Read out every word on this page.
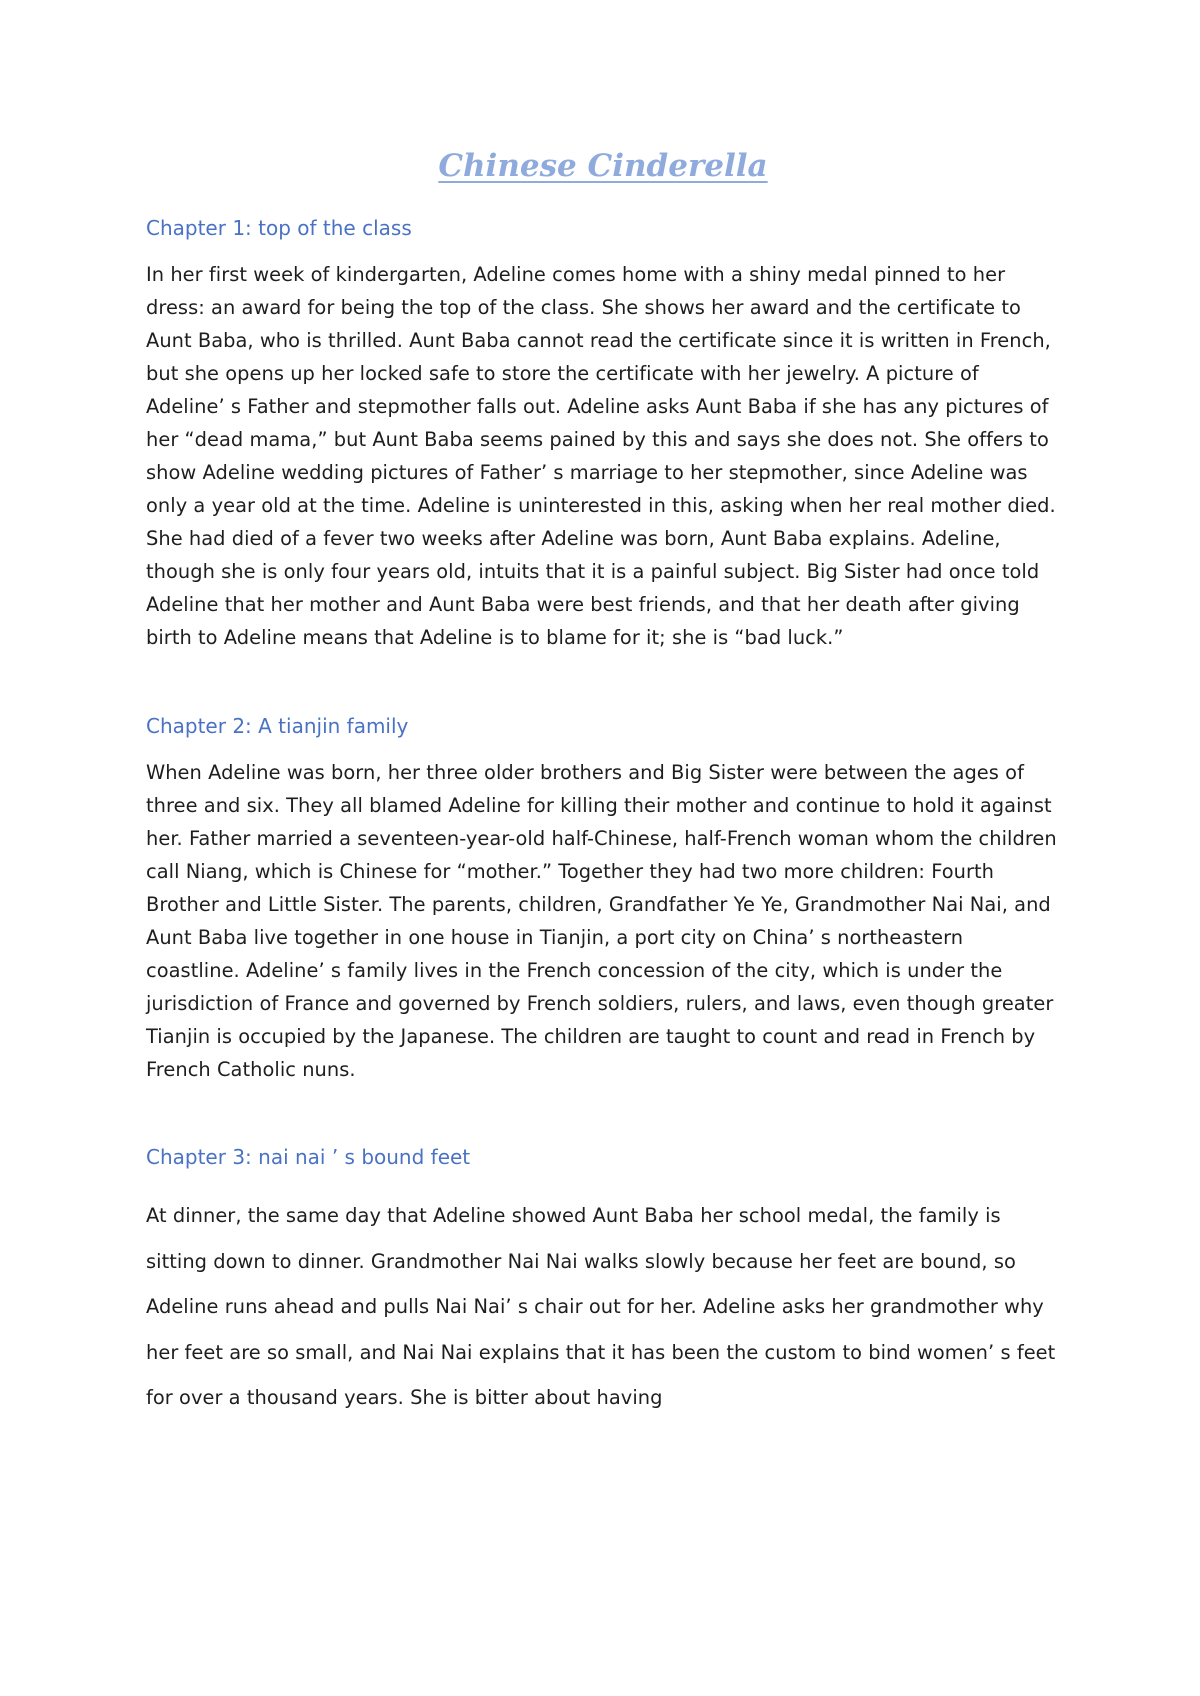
Chinese Cinderella
Chapter 1: top of the class

In her first week of kindergarten, Adeline comes home with a shiny medal pinned to her dress: an award for being the top of the class. She shows her award and the certificate to Aunt Baba, who is thrilled. Aunt Baba cannot read the certificate since it is written in French, but she opens up her locked safe to store the certificate with her jewelry. A picture of Adeline’ s Father and stepmother falls out. Adeline asks Aunt Baba if she has any pictures of her “dead mama,” but Aunt Baba seems pained by this and says she does not. She offers to show Adeline wedding pictures of Father’ s marriage to her stepmother, since Adeline was only a year old at the time. Adeline is uninterested in this, asking when her real mother died. She had died of a fever two weeks after Adeline was born, Aunt Baba explains. Adeline, though she is only four years old, intuits that it is a painful subject. Big Sister had once told Adeline that her mother and Aunt Baba were best friends, and that her death after giving birth to Adeline means that Adeline is to blame for it; she is “bad luck.”

Chapter 2: A tianjin family

When Adeline was born, her three older brothers and Big Sister were between the ages of three and six. They all blamed Adeline for killing their mother and continue to hold it against her. Father married a seventeen-year-old half-Chinese, half-French woman whom the children call Niang, which is Chinese for “mother.” Together they had two more children: Fourth Brother and Little Sister. The parents, children, Grandfather Ye Ye, Grandmother Nai Nai, and Aunt Baba live together in one house in Tianjin, a port city on China’ s northeastern coastline. Adeline’ s family lives in the French concession of the city, which is under the jurisdiction of France and governed by French soldiers, rulers, and laws, even though greater Tianjin is occupied by the Japanese. The children are taught to count and read in French by French Catholic nuns.

Chapter 3: nai nai ’ s bound feet

At dinner, the same day that Adeline showed Aunt Baba her school medal, the family is sitting down to dinner. Grandmother Nai Nai walks slowly because her feet are bound, so Adeline runs ahead and pulls Nai Nai’ s chair out for her. Adeline asks her grandmother why her feet are so small, and Nai Nai explains that it has been the custom to bind women’ s feet for over a thousand years. She is bitter about having
